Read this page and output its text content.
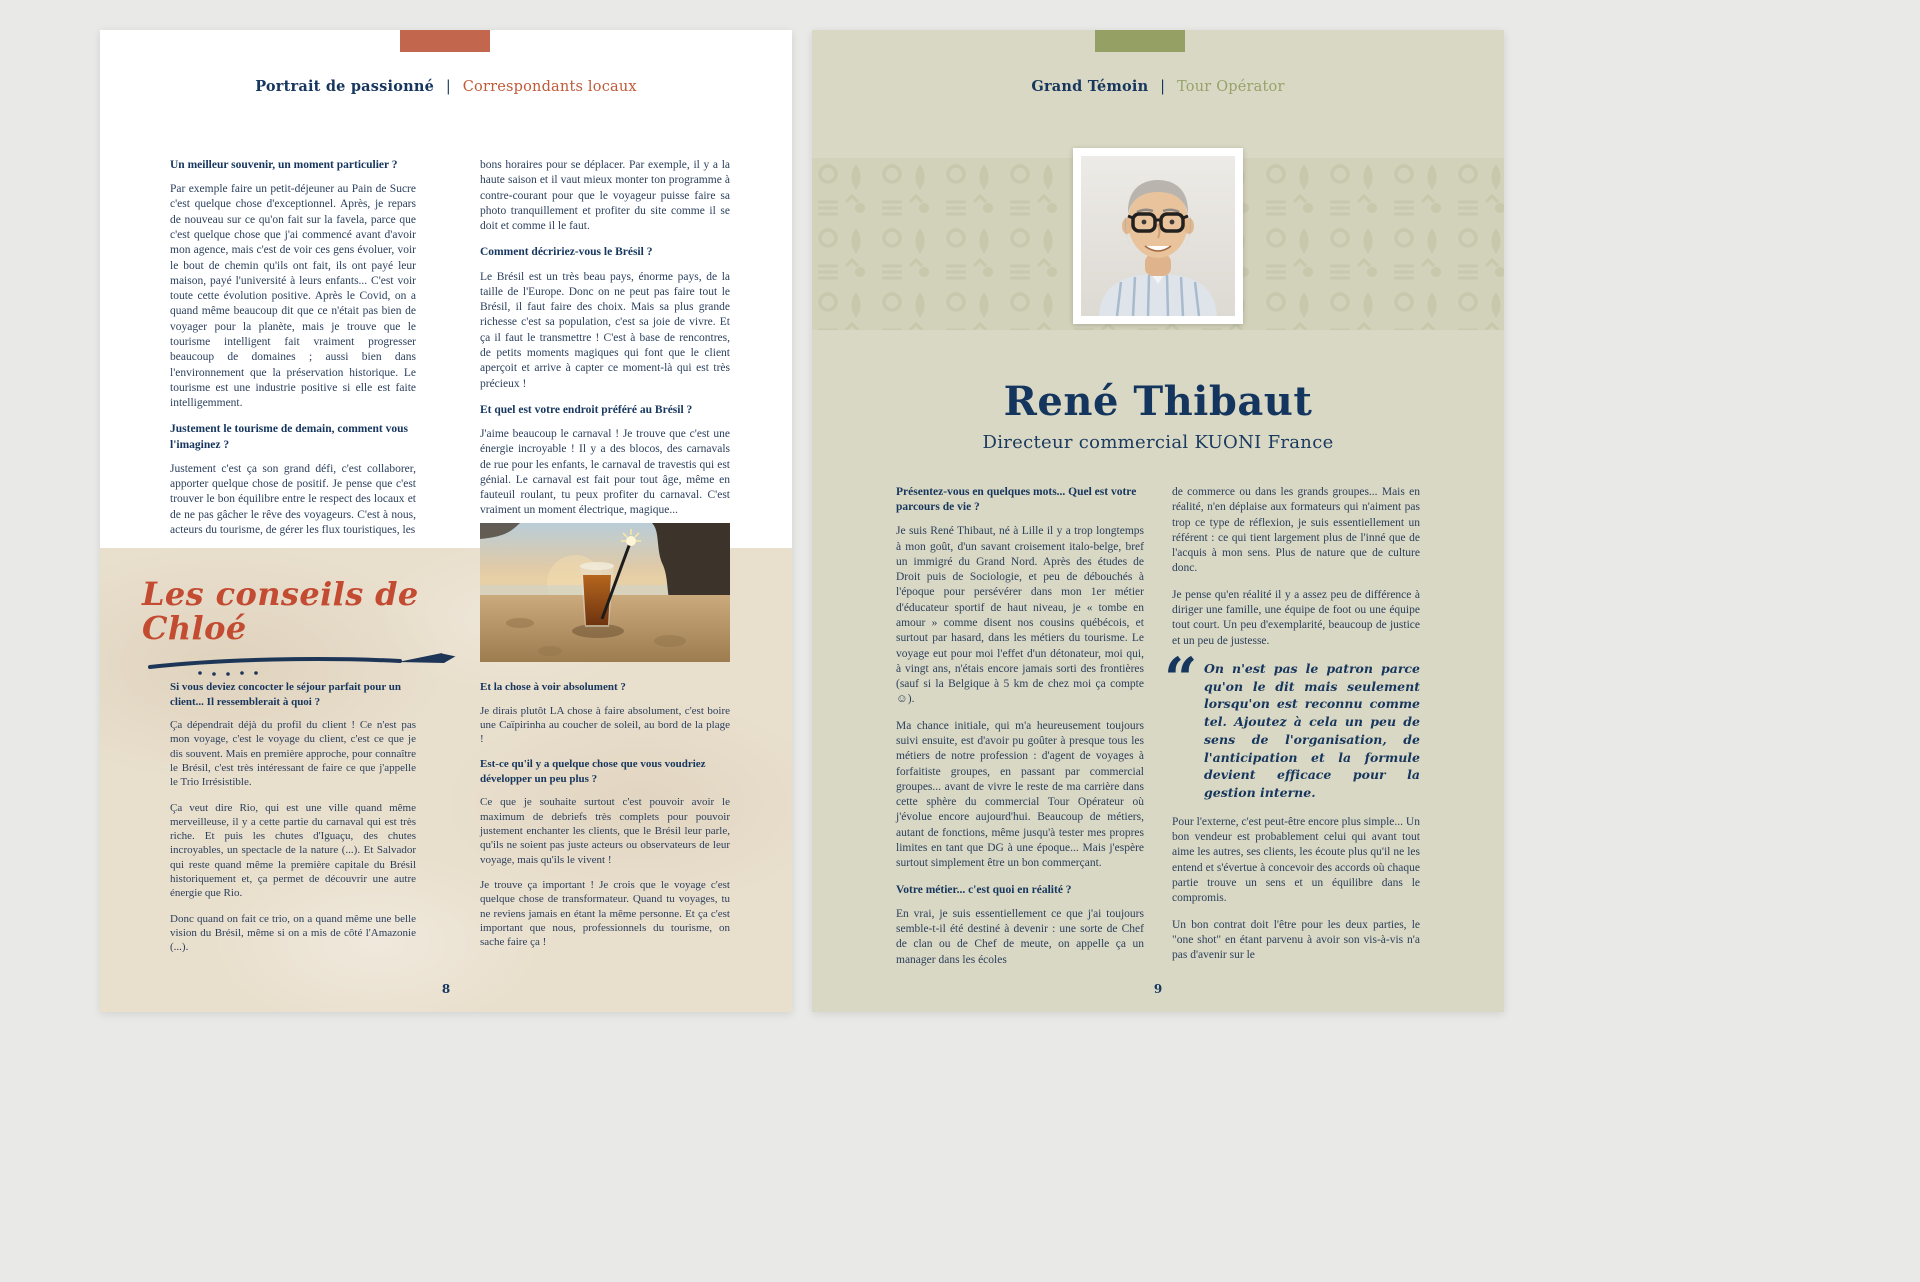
Portrait de passionné | Correspondants locaux
Un meilleur souvenir, un moment particulier ?

Par exemple faire un petit-déjeuner au Pain de Sucre c'est quelque chose d'exceptionnel. Après, je repars de nouveau sur ce qu'on fait sur la favela, parce que c'est quelque chose que j'ai commencé avant d'avoir mon agence, mais c'est de voir ces gens évoluer, voir le bout de chemin qu'ils ont fait, ils ont payé leur maison, payé l'université à leurs enfants... C'est voir toute cette évolution positive. Après le Covid, on a quand même beaucoup dit que ce n'était pas bien de voyager pour la planète, mais je trouve que le tourisme intelligent fait vraiment progresser beaucoup de domaines ; aussi bien dans l'environnement que la préservation historique. Le tourisme est une industrie positive si elle est faite intelligemment.

Justement le tourisme de demain, comment vous l'imaginez ?

Justement c'est ça son grand défi, c'est collaborer, apporter quelque chose de positif. Je pense que c'est trouver le bon équilibre entre le respect des locaux et de ne pas gâcher le rêve des voyageurs. C'est à nous, acteurs du tourisme, de gérer les flux touristiques, les

bons horaires pour se déplacer. Par exemple, il y a la haute saison et il vaut mieux monter ton programme à contre-courant pour que le voyageur puisse faire sa photo tranquillement et profiter du site comme il se doit et comme il le faut.

Comment décririez-vous le Brésil ?

Le Brésil est un très beau pays, énorme pays, de la taille de l'Europe. Donc on ne peut pas faire tout le Brésil, il faut faire des choix. Mais sa plus grande richesse c'est sa population, c'est sa joie de vivre. Et ça il faut le transmettre ! C'est à base de rencontres, de petits moments magiques qui font que le client aperçoit et arrive à capter ce moment-là qui est très précieux !

Et quel est votre endroit préféré au Brésil ?

J'aime beaucoup le carnaval ! Je trouve que c'est une énergie incroyable ! Il y a des blocos, des carnavals de rue pour les enfants, le carnaval de travestis qui est génial. Le carnaval est fait pour tout âge, même en fauteuil roulant, tu peux profiter du carnaval. C'est vraiment un moment électrique, magique...

Les conseils de Chloé
Si vous deviez concocter le séjour parfait pour un client... Il ressemblerait à quoi ?

Ça dépendrait déjà du profil du client ! Ce n'est pas mon voyage, c'est le voyage du client, c'est ce que je dis souvent. Mais en première approche, pour connaître le Brésil, c'est très intéressant de faire ce que j'appelle le Trio Irrésistible.

Ça veut dire Rio, qui est une ville quand même merveilleuse, il y a cette partie du carnaval qui est très riche. Et puis les chutes d'Iguaçu, des chutes incroyables, un spectacle de la nature (...). Et Salvador qui reste quand même la première capitale du Brésil historiquement et, ça permet de découvrir une autre énergie que Rio.

Donc quand on fait ce trio, on a quand même une belle vision du Brésil, même si on a mis de côté l'Amazonie (...).

Et la chose à voir absolument ?

Je dirais plutôt LA chose à faire absolument, c'est boire une Caïpirinha au coucher de soleil, au bord de la plage !

Est-ce qu'il y a quelque chose que vous voudriez développer un peu plus ?

Ce que je souhaite surtout c'est pouvoir avoir le maximum de debriefs très complets pour pouvoir justement enchanter les clients, que le Brésil leur parle, qu'ils ne soient pas juste acteurs ou observateurs de leur voyage, mais qu'ils le vivent !

Je trouve ça important ! Je crois que le voyage c'est quelque chose de transformateur. Quand tu voyages, tu ne reviens jamais en étant la même personne. Et ça c'est important que nous, professionnels du tourisme, on sache faire ça !

8
Grand Témoin | Tour Opérator
René Thibaut
Directeur commercial KUONI France
Présentez-vous en quelques mots... Quel est votre parcours de vie ?

Je suis René Thibaut, né à Lille il y a trop longtemps à mon goût, d'un savant croisement italo-belge, bref un immigré du Grand Nord. Après des études de Droit puis de Sociologie, et peu de débouchés à l'époque pour persévérer dans mon 1er métier d'éducateur sportif de haut niveau, je « tombe en amour » comme disent nos cousins québécois, et surtout par hasard, dans les métiers du tourisme. Le voyage eut pour moi l'effet d'un détonateur, moi qui, à vingt ans, n'étais encore jamais sorti des frontières (sauf si la Belgique à 5 km de chez moi ça compte ☺).

Ma chance initiale, qui m'a heureusement toujours suivi ensuite, est d'avoir pu goûter à presque tous les métiers de notre profession : d'agent de voyages à forfaitiste groupes, en passant par commercial groupes... avant de vivre le reste de ma carrière dans cette sphère du commercial Tour Opérateur où j'évolue encore aujourd'hui. Beaucoup de métiers, autant de fonctions, même jusqu'à tester mes propres limites en tant que DG à une époque... Mais j'espère surtout simplement être un bon commerçant.

Votre métier... c'est quoi en réalité ?

En vrai, je suis essentiellement ce que j'ai toujours semble-t-il été destiné à devenir : une sorte de Chef de clan ou de Chef de meute, on appelle ça un manager dans les écoles

de commerce ou dans les grands groupes... Mais en réalité, n'en déplaise aux formateurs qui n'aiment pas trop ce type de réflexion, je suis essentiellement un référent : ce qui tient largement plus de l'inné que de l'acquis à mon sens. Plus de nature que de culture donc.

Je pense qu'en réalité il y a assez peu de différence à diriger une famille, une équipe de foot ou une équipe tout court. Un peu d'exemplarité, beaucoup de justice et un peu de justesse.

“ On n'est pas le patron parce qu'on le dit mais seulement lorsqu'on est reconnu comme tel. Ajoutez à cela un peu de sens de l'organisation, de l'anticipation et la formule devient efficace pour la gestion interne.

Pour l'externe, c'est peut-être encore plus simple... Un bon vendeur est probablement celui qui avant tout aime les autres, ses clients, les écoute plus qu'il ne les entend et s'évertue à concevoir des accords où chaque partie trouve un sens et un équilibre dans le compromis.

Un bon contrat doit l'être pour les deux parties, le "one shot" en étant parvenu à avoir son vis-à-vis n'a pas d'avenir sur le

9
